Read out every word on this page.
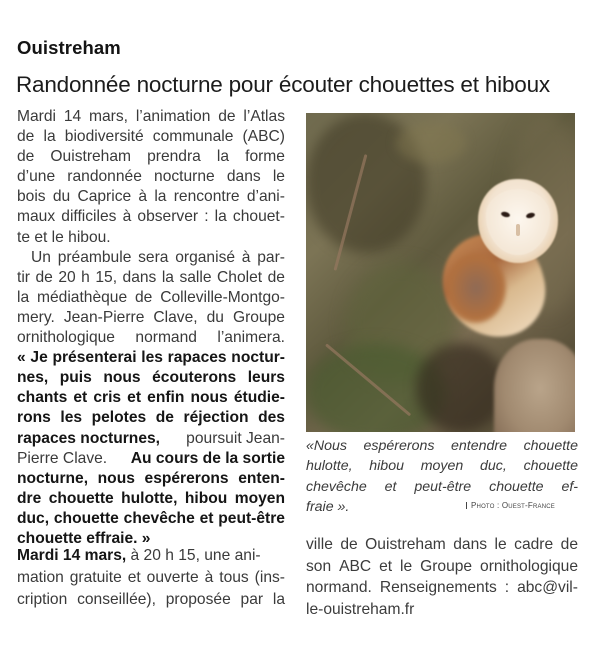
Ouistreham
Randonnée nocturne pour écouter chouettes et hiboux
Mardi 14 mars, l’animation de l’Atlas
de la biodiversité communale (ABC)
de Ouistreham prendra la forme
d’une randonnée nocturne dans le
bois du Caprice à la rencontre d’ani-
maux difficiles à observer : la chouet-
te et le hibou.
Un préambule sera organisé à par-
tir de 20 h 15, dans la salle Cholet de
la médiathèque de Colleville-Montgo-
mery. Jean-Pierre Clave, du Groupe
ornithologique normand l’animera.
« Je présenterai les rapaces noctur-
nes, puis nous écouterons leurs
chants et cris et enfin nous étudie-
rons les pelotes de réjection des
rapaces nocturnes, poursuit Jean-
Pierre Clave. Au cours de la sortie
nocturne, nous espérerons enten-
dre chouette hulotte, hibou moyen
duc, chouette chevêche et peut-être
chouette effraie. »
Mardi 14 mars, à 20 h 15, une ani-
mation gratuite et ouverte à tous (ins-
cription conseillée), proposée par la
«Nous espérerons entendre chouette
hulotte, hibou moyen duc, chouette
chevêche et peut-être chouette ef-
fraie ».	Photo : Ouest-France
ville de Ouistreham dans le cadre de
son ABC et le Groupe ornithologique
normand. Renseignements : abc@vil-
le-ouistreham.fr
